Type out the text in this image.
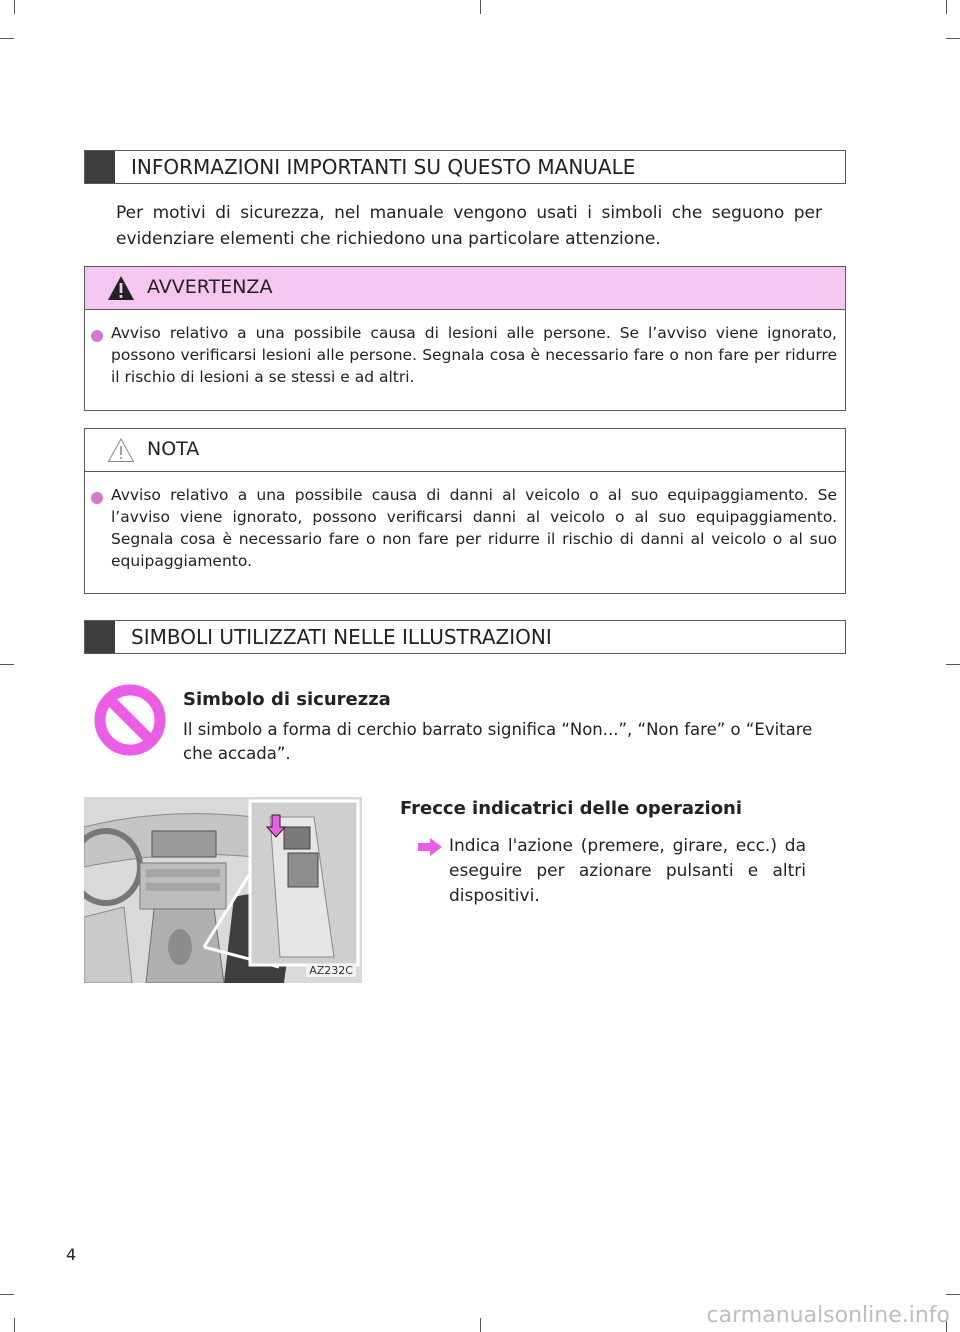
INFORMAZIONI IMPORTANTI SU QUESTO MANUALE

Per motivi di sicurezza, nel manuale vengono usati i simboli che seguono per evidenziare elementi che richiedono una particolare attenzione.

AVVERTENZA
Avviso relativo a una possibile causa di lesioni alle persone. Se l’avviso viene ignorato, possono verificarsi lesioni alle persone. Segnala cosa è necessario fare o non fare per ridurre il rischio di lesioni a se stessi e ad altri.
NOTA
Avviso relativo a una possibile causa di danni al veicolo o al suo equipaggiamento. Se l’avviso viene ignorato, possono verificarsi danni al veicolo o al suo equipaggiamento. Segnala cosa è necessario fare o non fare per ridurre il rischio di danni al veicolo o al suo equipaggiamento.
SIMBOLI UTILIZZATI NELLE ILLUSTRAZIONI
Simbolo di sicurezza
Il simbolo a forma di cerchio barrato significa “Non...”, “Non fare” o “Evitare che accada”.
AZ232C
Frecce indicatrici delle operazioni
Indica l'azione (premere, girare, ecc.) da eseguire per azionare pulsanti e altri dispositivi.
4
carmanualsonline.info
